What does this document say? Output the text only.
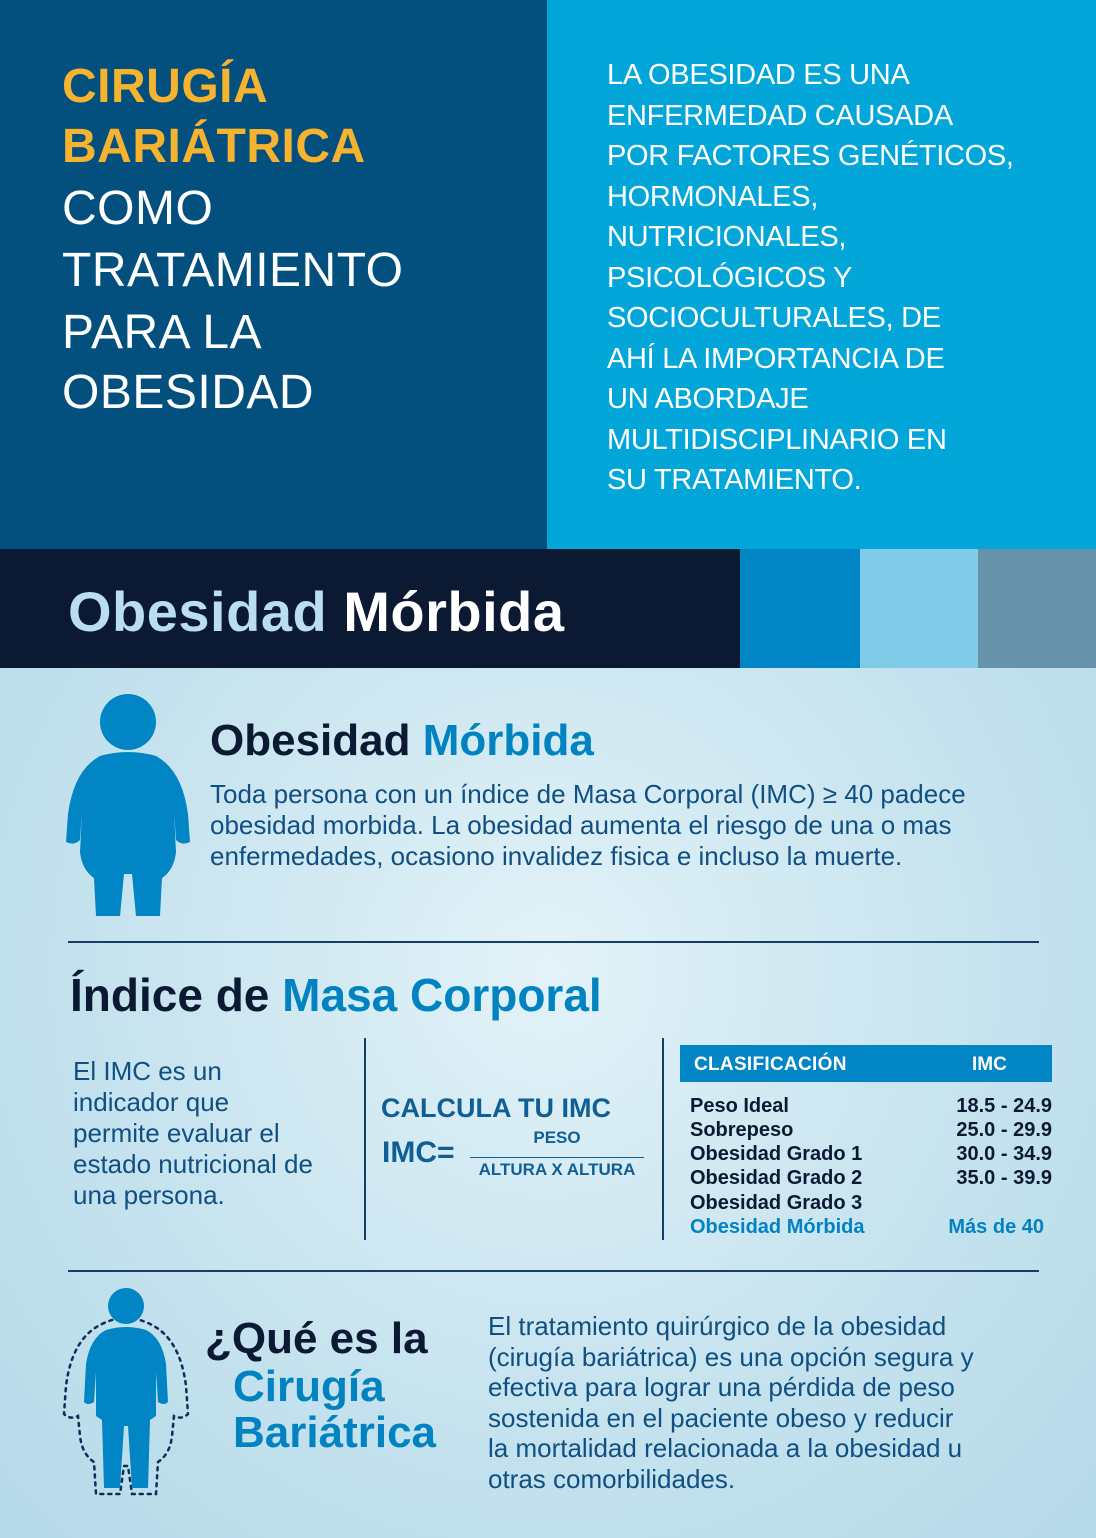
CIRUGÍA
BARIÁTRICA
COMO
TRATAMIENTO
PARA LA
OBESIDAD
LA OBESIDAD ES UNA
ENFERMEDAD CAUSADA
POR FACTORES GENÉTICOS,
HORMONALES,
NUTRICIONALES,
PSICOLÓGICOS Y
SOCIOCULTURALES, DE
AHÍ LA IMPORTANCIA DE
UN ABORDAJE
MULTIDISCIPLINARIO EN
SU TRATAMIENTO.
Obesidad Mórbida
Obesidad Mórbida
Toda persona con un índice de Masa Corporal (IMC) ≥ 40 padece
obesidad morbida. La obesidad aumenta el riesgo de una o mas
enfermedades, ocasiono invalidez fisica e incluso la muerte.
Índice de Masa Corporal
El IMC es un
indicador que
permite evaluar el
estado nutricional de
una persona.
CALCULA TU IMC
IMC=	PESO
ALTURA X ALTURA
CLASIFICACIÓN	IMC
Peso Ideal	18.5 - 24.9
Sobrepeso	25.0 - 29.9
Obesidad Grado 1	30.0 - 34.9
Obesidad Grado 2	35.0 - 39.9
Obesidad Grado 3
Obesidad Mórbida	Más de 40
¿Qué es la
Cirugía
Bariátrica
El tratamiento quirúrgico de la obesidad
(cirugía bariátrica) es una opción segura y
efectiva para lograr una pérdida de peso
sostenida en el paciente obeso y reducir
la mortalidad relacionada a la obesidad u
otras comorbilidades.
